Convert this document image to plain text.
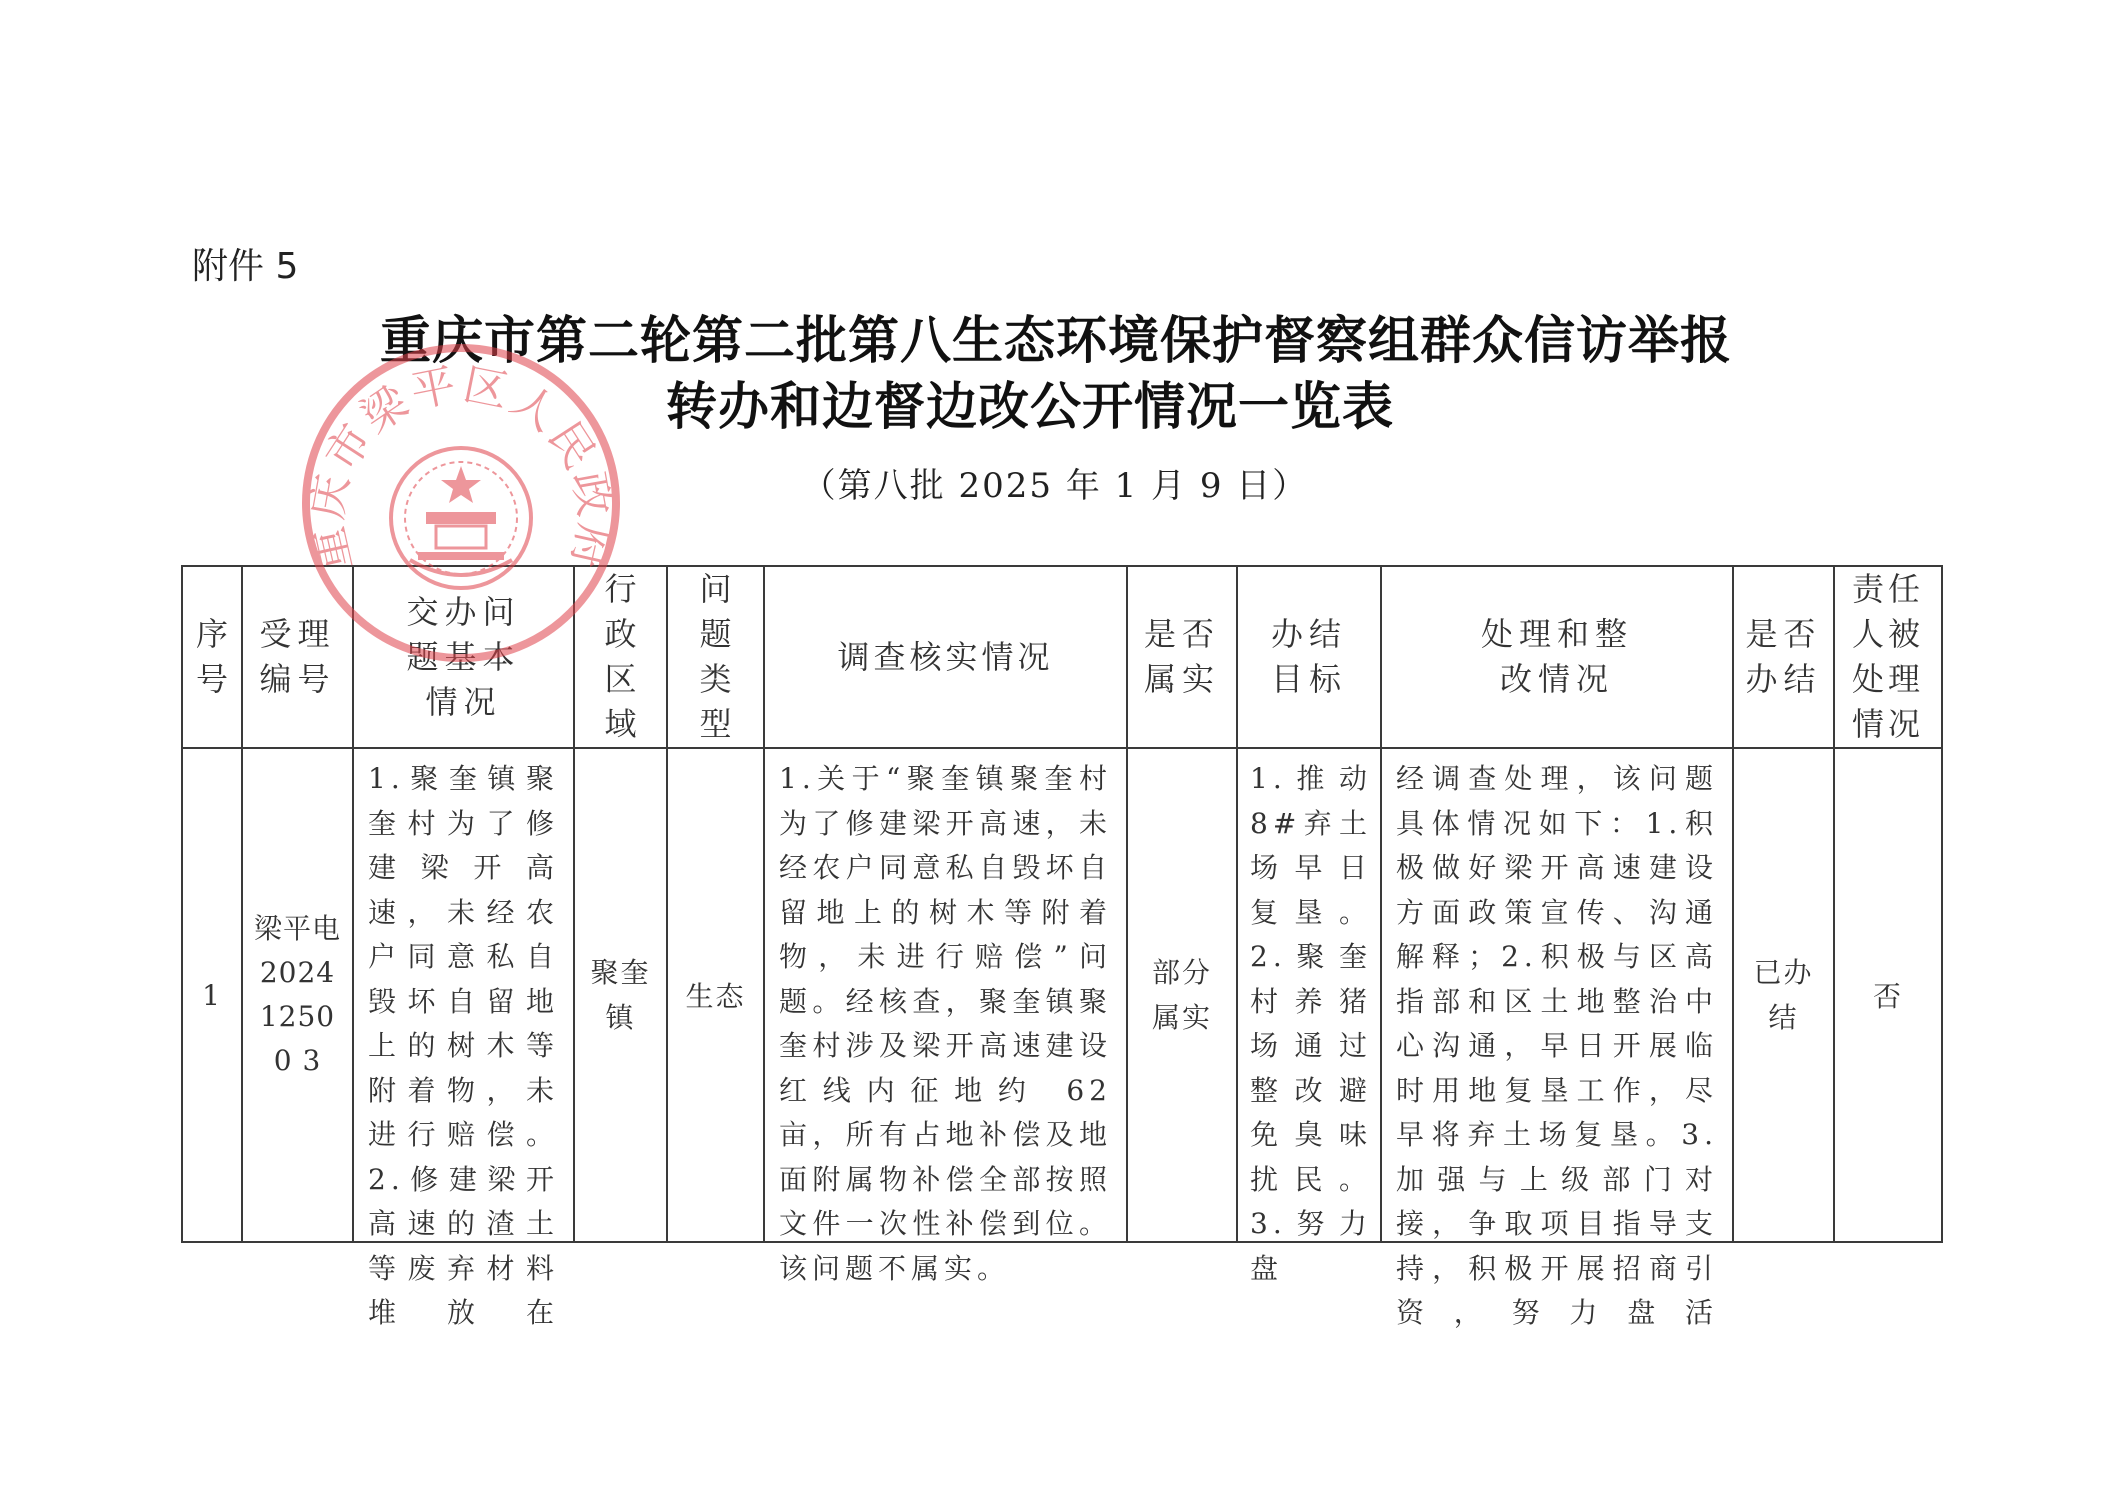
附件 5
重庆市第二轮第二批第八生态环境保护督察组群众信访举报
转办和边督边改公开情况一览表
（第八批 2025 年 1 月 9 日）
序号	受理编号	交办问题基本情况	行政区域	问题类型	调查核实情况	是否属实	办结目标	处理和整改情况	是否办结	责任人被处理情况
1	梁平电202412500 3	1.聚奎镇聚奎村为了修建梁开高速，未经农户同意私自毁坏自留地上的树木等附着物，未进行赔偿。2.修建梁开高速的渣土等废弃材料堆放在	聚奎镇	生态	1.关于“聚奎镇聚奎村为了修建梁开高速，未经农户同意私自毁坏自留地上的树木等附着物，未进行赔偿”问题。经核查，聚奎镇聚奎村涉及梁开高速建设红线内征地约 62 亩，所有占地补偿及地面附属物补偿全部按照文件一次性补偿到位。该问题不属实。	部分属实	1.推动 8#弃土场早日复垦。2.聚奎村养猪场通过整改避免臭味扰民。3.努力盘	经调查处理，该问题具体情况如下：1.积极做好梁开高速建设方面政策宣传、沟通解释；2.积极与区高指部和区土地整治中心沟通，早日开展临时用地复垦工作，尽早将弃土场复垦。3.加强与上级部门对接，争取项目指导支持，积极开展招商引资，努力盘活	已办结	否
重庆市梁平区人民政府
